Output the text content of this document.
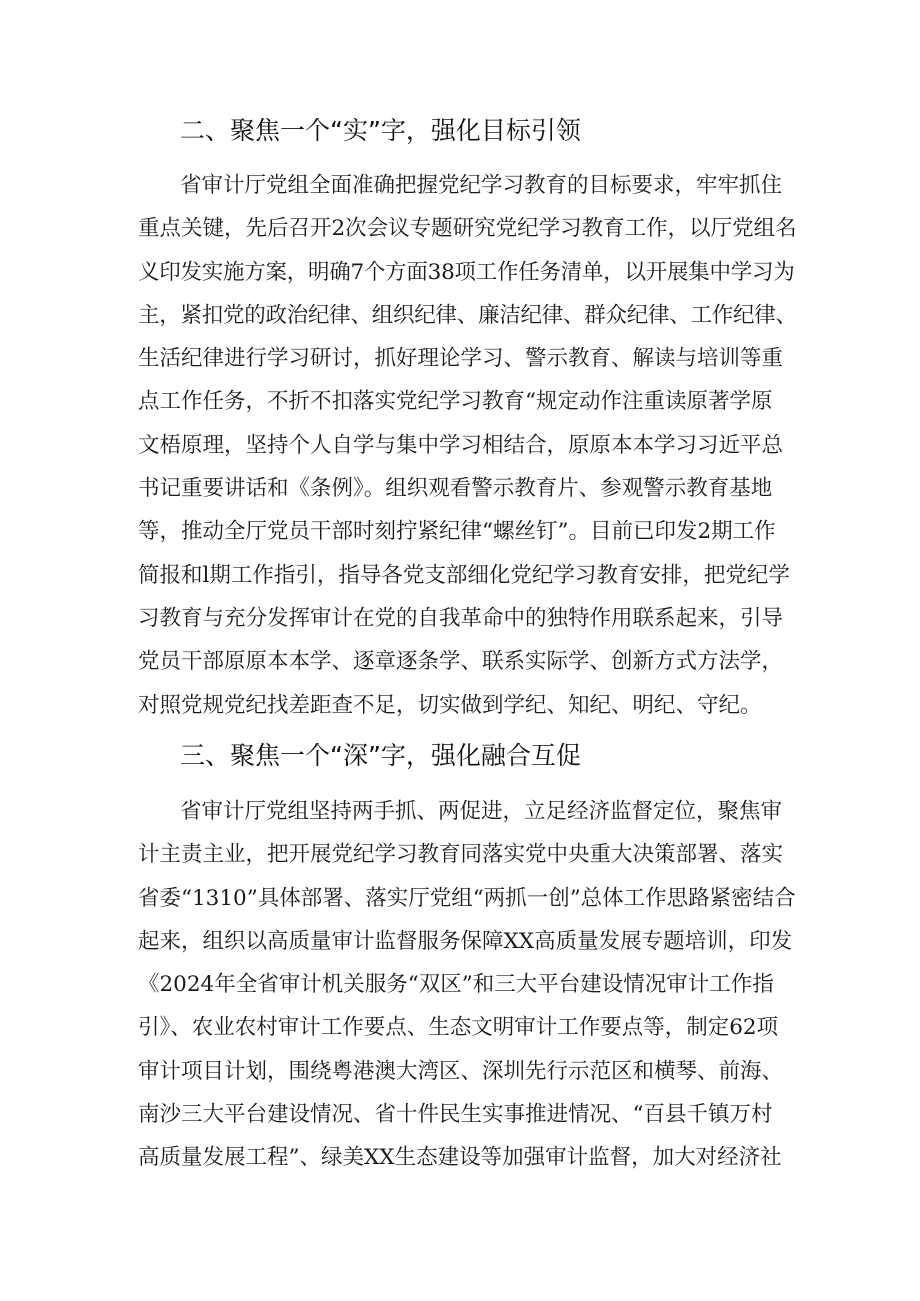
二、聚焦一个“实”字，强化目标引领
省审计厅党组全面准确把握党纪学习教育的目标要求，牢牢抓住
重点关键，先后召开2次会议专题研究党纪学习教育工作，以厅党组名
义印发实施方案，明确7个方面38项工作任务清单，以开展集中学习为
主，紧扣党的政治纪律、组织纪律、廉洁纪律、群众纪律、工作纪律、
生活纪律进行学习研讨，抓好理论学习、警示教育、解读与培训等重
点工作任务，不折不扣落实党纪学习教育“规定动作注重读原著学原
文梧原理，坚持个人自学与集中学习相结合，原原本本学习习近平总
书记重要讲话和《条例》。组织观看警示教育片、参观警示教育基地
等，推动全厅党员干部时刻拧紧纪律“螺丝钉”。目前已印发2期工作
简报和l期工作指引，指导各党支部细化党纪学习教育安排，把党纪学
习教育与充分发挥审计在党的自我革命中的独特作用联系起来，引导
党员干部原原本本学、逐章逐条学、联系实际学、创新方式方法学，
对照党规党纪找差距查不足，切实做到学纪、知纪、明纪、守纪。
三、聚焦一个“深”字，强化融合互促
省审计厅党组坚持两手抓、两促进，立足经济监督定位，聚焦审
计主责主业，把开展党纪学习教育同落实党中央重大决策部署、落实
省委“1310”具体部署、落实厅党组“两抓一创”总体工作思路紧密结合
起来，组织以高质量审计监督服务保障XX高质量发展专题培训，印发
《2024年全省审计机关服务“双区”和三大平台建设情况审计工作指
引》、农业农村审计工作要点、生态文明审计工作要点等，制定62项
审计项目计划，围绕粤港澳大湾区、深圳先行示范区和横琴、前海、
南沙三大平台建设情况、省十件民生实事推进情况、“百县千镇万村
高质量发展工程”、绿美XX生态建设等加强审计监督，加大对经济社
